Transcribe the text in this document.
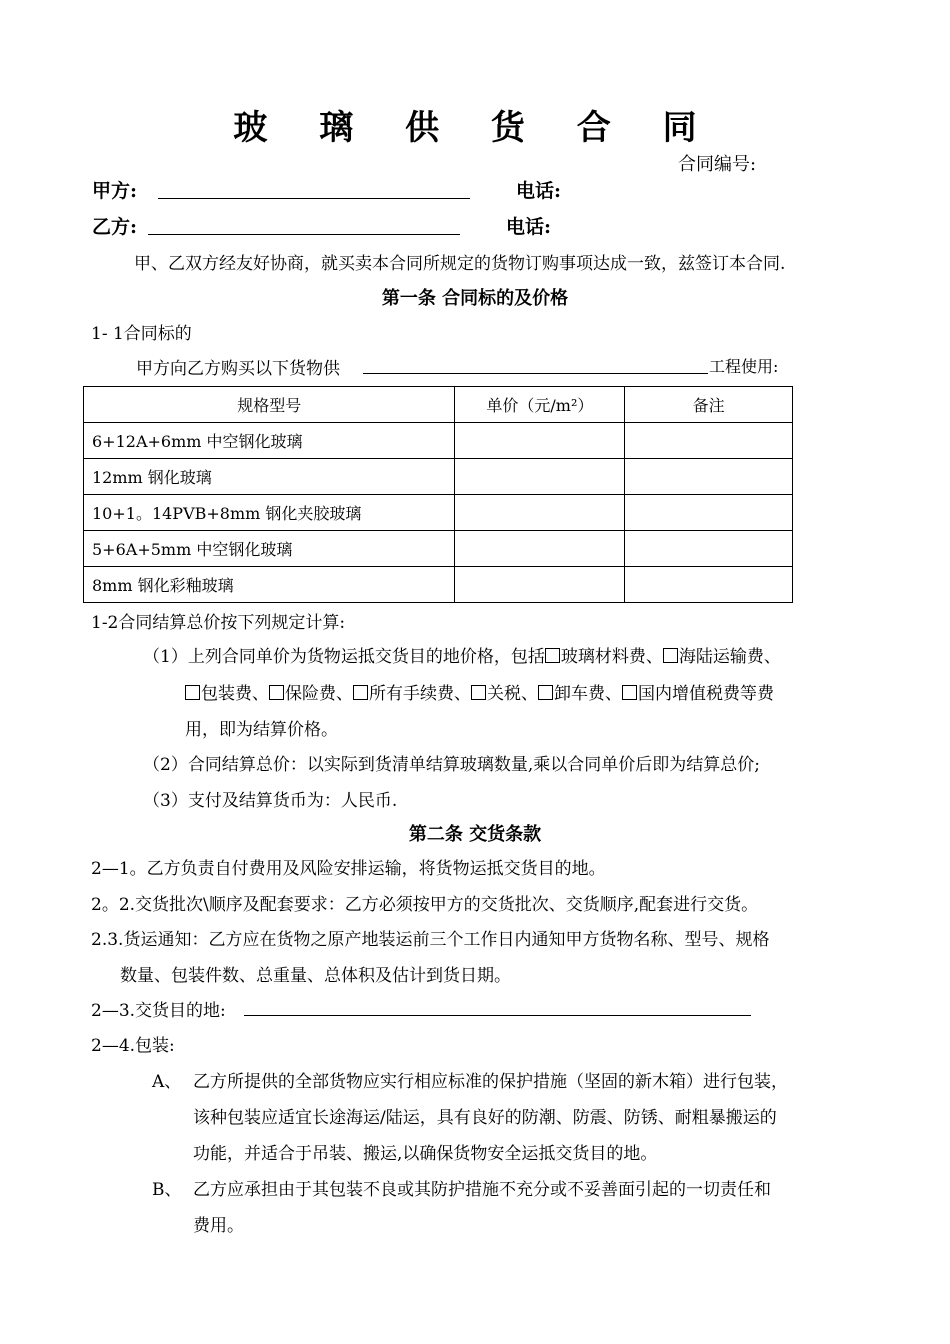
玻 璃 供 货 合 同
合同编号:
甲方:	电话:
乙方:	电话:
甲、乙双方经友好协商，就买卖本合同所规定的货物订购事项达成一致，兹签订本合同.
第一条 合同标的及价格
1- 1合同标的
甲方向乙方购买以下货物供	工程使用:
规格型号	单价（元/m²）	备注
6+12A+6mm 中空钢化玻璃		
12mm 钢化玻璃		
10+1。14PVB+8mm 钢化夹胶玻璃		
5+6A+5mm 中空钢化玻璃		
8mm 钢化彩釉玻璃		
1-2合同结算总价按下列规定计算:
（1）上列合同单价为货物运抵交货目的地价格，包括 玻璃材料费、 海陆运输费、
包装费、 保险费、 所有手续费、 关税、 卸车费、 国内增值税费等费
用，即为结算价格。
（2）合同结算总价：以实际到货清单结算玻璃数量,乘以合同单价后即为结算总价;
（3）支付及结算货币为：人民币.
第二条 交货条款
2—1。乙方负责自付费用及风险安排运输，将货物运抵交货目的地。
2。2.交货批次\顺序及配套要求：乙方必须按甲方的交货批次、交货顺序,配套进行交货。
2.3.货运通知：乙方应在货物之原产地装运前三个工作日内通知甲方货物名称、型号、规格
数量、包装件数、总重量、总体积及估计到货日期。
2—3.交货目的地:
2—4.包装:
A、 乙方所提供的全部货物应实行相应标准的保护措施（坚固的新木箱）进行包装，
该种包装应适宜长途海运/陆运，具有良好的防潮、防震、防锈、耐粗暴搬运的
功能，并适合于吊装、搬运,以确保货物安全运抵交货目的地。
B、 乙方应承担由于其包装不良或其防护措施不充分或不妥善面引起的一切责任和
费用。
